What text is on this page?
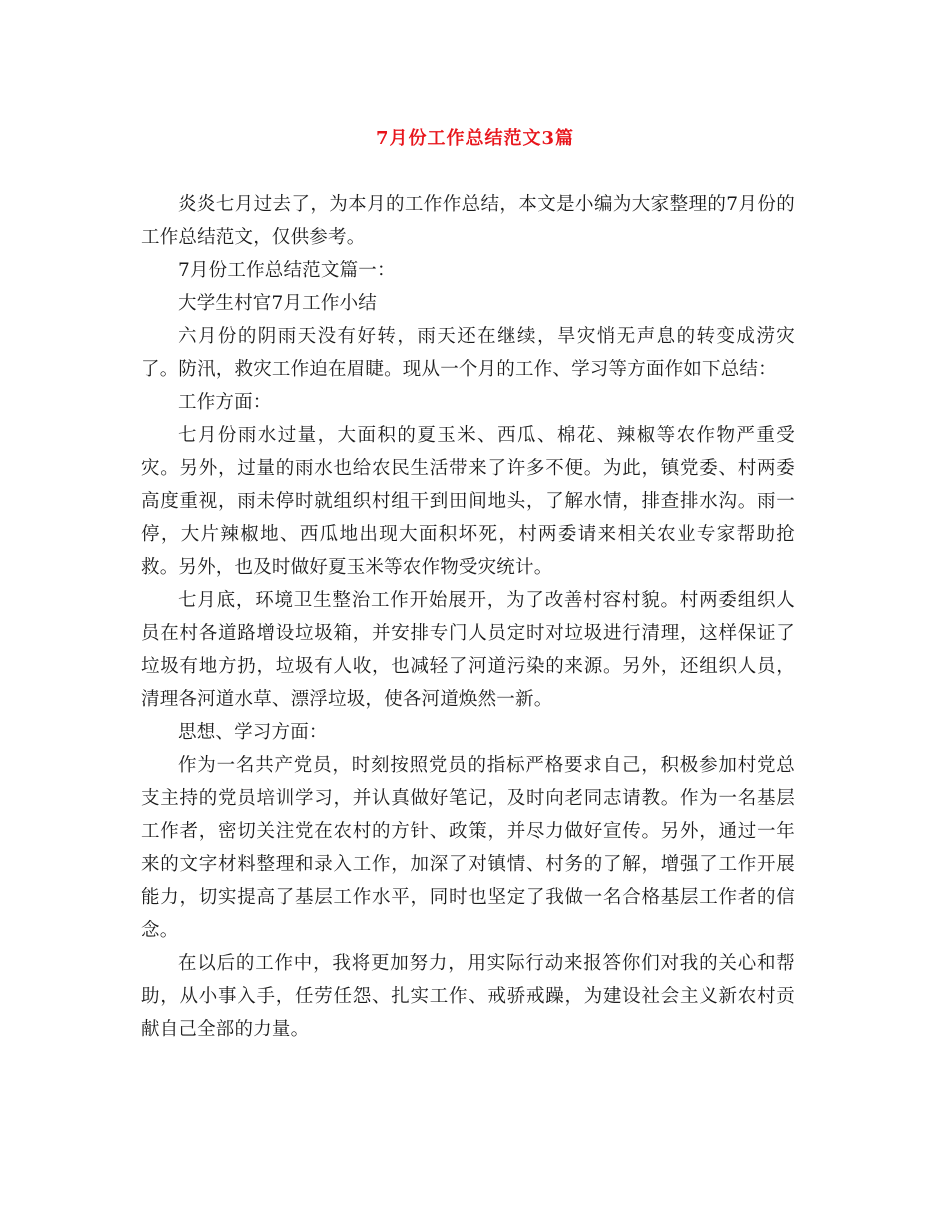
7月份工作总结范文3篇

炎炎七月过去了，为本月的工作作总结，本文是小编为大家整理的7月份的工作总结范文，仅供参考。

7月份工作总结范文篇一：

大学生村官7月工作小结

六月份的阴雨天没有好转，雨天还在继续，旱灾悄无声息的转变成涝灾了。防汛，救灾工作迫在眉睫。现从一个月的工作、学习等方面作如下总结：

工作方面：

七月份雨水过量，大面积的夏玉米、西瓜、棉花、辣椒等农作物严重受灾。另外，过量的雨水也给农民生活带来了许多不便。为此，镇党委、村两委高度重视，雨未停时就组织村组干到田间地头，了解水情，排查排水沟。雨一停，大片辣椒地、西瓜地出现大面积坏死，村两委请来相关农业专家帮助抢救。另外，也及时做好夏玉米等农作物受灾统计。

七月底，环境卫生整治工作开始展开，为了改善村容村貌。村两委组织人员在村各道路增设垃圾箱，并安排专门人员定时对垃圾进行清理，这样保证了垃圾有地方扔，垃圾有人收，也减轻了河道污染的来源。另外，还组织人员，清理各河道水草、漂浮垃圾，使各河道焕然一新。

思想、学习方面：

作为一名共产党员，时刻按照党员的指标严格要求自己，积极参加村党总支主持的党员培训学习，并认真做好笔记，及时向老同志请教。作为一名基层工作者，密切关注党在农村的方针、政策，并尽力做好宣传。另外，通过一年来的文字材料整理和录入工作，加深了对镇情、村务的了解，增强了工作开展能力，切实提高了基层工作水平，同时也坚定了我做一名合格基层工作者的信念。

在以后的工作中，我将更加努力，用实际行动来报答你们对我的关心和帮助，从小事入手，任劳任怨、扎实工作、戒骄戒躁，为建设社会主义新农村贡献自己全部的力量。
